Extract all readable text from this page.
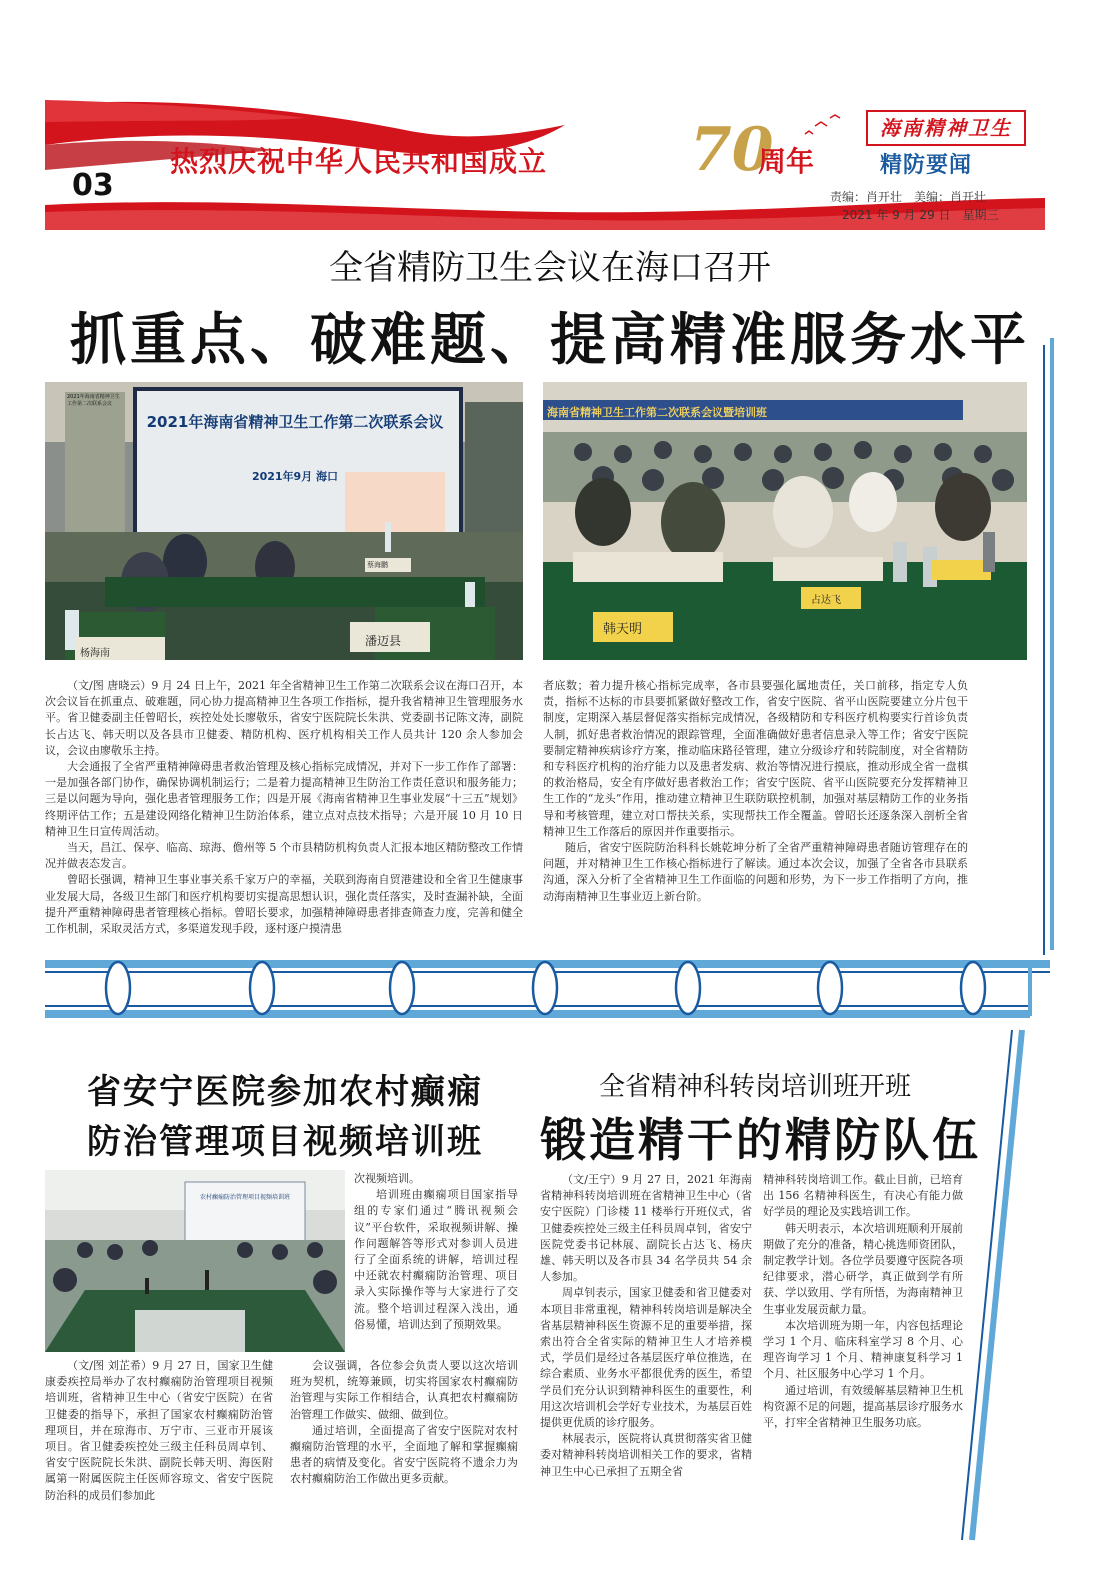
热烈庆祝中华人民共和国成立 70
周年
03
海南精神卫生
精防要闻
责编：肖开壮　美编：肖开壮
2021 年 9 月 29 日　星期三
全省精防卫生会议在海口召开
抓重点、破难题、提高精准服务水平
2021年海南省精神卫生工作第二次联系会议
2021年9月 海口
2021年海南省精神卫生工作第二次联系会议
杨海南
潘迈县
蔡海鹏
海南省精神卫生工作第二次联系会议暨培训班
韩天明
占达飞

（文/图 唐晓云）9 月 24 日上午，2021 年全省精神卫生工作第二次联系会议在海口召开，本次会议旨在抓重点、破难题，同心协力提高精神卫生各项工作指标，提升我省精神卫生管理服务水平。省卫健委副主任曾昭长，疾控处处长廖敬乐，省安宁医院院长朱洪、党委副书记陈文涛，副院长占达飞、韩天明以及各县市卫健委、精防机构、医疗机构相关工作人员共计 120 余人参加会议，会议由廖敬乐主持。

大会通报了全省严重精神障碍患者救治管理及核心指标完成情况，并对下一步工作作了部署：一是加强各部门协作，确保协调机制运行；二是着力提高精神卫生防治工作责任意识和服务能力；三是以问题为导向，强化患者管理服务工作；四是开展《海南省精神卫生事业发展“十三五”规划》终期评估工作；五是建设网络化精神卫生防治体系，建立点对点技术指导；六是开展 10 月 10 日精神卫生日宣传周活动。

当天，昌江、保亭、临高、琼海、儋州等 5 个市县精防机构负责人汇报本地区精防整改工作情况并做表态发言。

曾昭长强调，精神卫生事业事关系千家万户的幸福，关联到海南自贸港建设和全省卫生健康事业发展大局，各级卫生部门和医疗机构要切实提高思想认识，强化责任落实，及时查漏补缺，全面提升严重精神障碍患者管理核心指标。曾昭长要求，加强精神障碍患者排查筛查力度，完善和健全工作机制，采取灵活方式，多渠道发现手段，逐村逐户摸清患

者底数；着力提升核心指标完成率，各市县要强化属地责任，关口前移，指定专人负责，指标不达标的市县要抓紧做好整改工作，省安宁医院、省平山医院要建立分片包干制度，定期深入基层督促落实指标完成情况，各级精防和专科医疗机构要实行首诊负责人制，抓好患者救治情况的跟踪管理，全面准确做好患者信息录入等工作；省安宁医院要制定精神疾病诊疗方案，推动临床路径管理，建立分级诊疗和转院制度，对全省精防和专科医疗机构的治疗能力以及患者发病、救治等情况进行摸底，推动形成全省一盘棋的救治格局，安全有序做好患者救治工作；省安宁医院、省平山医院要充分发挥精神卫生工作的“龙头”作用，推动建立精神卫生联防联控机制，加强对基层精防工作的业务指导和考核管理，建立对口帮扶关系，实现帮扶工作全覆盖。曾昭长还逐条深入剖析全省精神卫生工作落后的原因并作重要指示。

随后，省安宁医院防治科科长姚乾坤分析了全省严重精神障碍患者随访管理存在的问题，并对精神卫生工作核心指标进行了解读。通过本次会议，加强了全省各市县联系沟通，深入分析了全省精神卫生工作面临的问题和形势，为下一步工作指明了方向，推动海南精神卫生事业迈上新台阶。

省安宁医院参加农村癫痫
防治管理项目视频培训班
农村癫痫防治管理项目视频培训班

次视频培训。

培训班由癫痫项目国家指导组的专家们通过“腾讯视频会议”平台软件，采取视频讲解、操作问题解答等形式对参训人员进行了全面系统的讲解，培训过程中还就农村癫痫防治管理、项目录入实际操作等与大家进行了交流。整个培训过程深入浅出，通俗易懂，培训达到了预期效果。

（文/图 刘芷希）9 月 27 日，国家卫生健康委疾控局举办了农村癫痫防治管理项目视频培训班，省精神卫生中心（省安宁医院）在省卫健委的指导下，承担了国家农村癫痫防治管理项目，并在琼海市、万宁市、三亚市开展该项目。省卫健委疾控处三级主任科员周卓钊、省安宁医院院长朱洪、副院长韩天明、海医附属第一附属医院主任医师容琼文、省安宁医院防治科的成员们参加此

会议强调，各位参会负责人要以这次培训班为契机，统筹兼顾，切实将国家农村癫痫防治管理与实际工作相结合，认真把农村癫痫防治管理工作做实、做细、做到位。

通过培训，全面提高了省安宁医院对农村癫痫防治管理的水平，全面地了解和掌握癫痫患者的病情及变化。省安宁医院将不遗余力为农村癫痫防治工作做出更多贡献。

全省精神科转岗培训班开班
锻造精干的精防队伍

（文/王宁）9 月 27 日，2021 年海南省精神科转岗培训班在省精神卫生中心（省安宁医院）门诊楼 11 楼举行开班仪式，省卫健委疾控处三级主任科员周卓钊，省安宁医院党委书记林展、副院长占达飞、杨庆雄、韩天明以及各市县 34 名学员共 54 余人参加。

周卓钊表示，国家卫健委和省卫健委对本项目非常重视，精神科转岗培训是解决全省基层精神科医生资源不足的重要举措，探索出符合全省实际的精神卫生人才培养模式，学员们是经过各基层医疗单位推选，在综合素质、业务水平都很优秀的医生，希望学员们充分认识到精神科医生的重要性，利用这次培训机会学好专业技术，为基层百姓提供更优质的诊疗服务。

林展表示，医院将认真贯彻落实省卫健委对精神科转岗培训相关工作的要求，省精神卫生中心已承担了五期全省

精神科转岗培训工作。截止目前，已培育出 156 名精神科医生，有决心有能力做好学员的理论及实践培训工作。

韩天明表示，本次培训班顺利开展前期做了充分的准备，精心挑选师资团队，制定教学计划。各位学员要遵守医院各项纪律要求，潜心研学，真正做到学有所获、学以致用、学有所悟，为海南精神卫生事业发展贡献力量。

本次培训班为期一年，内容包括理论学习 1 个月、临床科室学习 8 个月、心理咨询学习 1 个月、精神康复科学习 1 个月、社区服务中心学习 1 个月。

通过培训，有效缓解基层精神卫生机构资源不足的问题，提高基层诊疗服务水平，打牢全省精神卫生服务功底。
